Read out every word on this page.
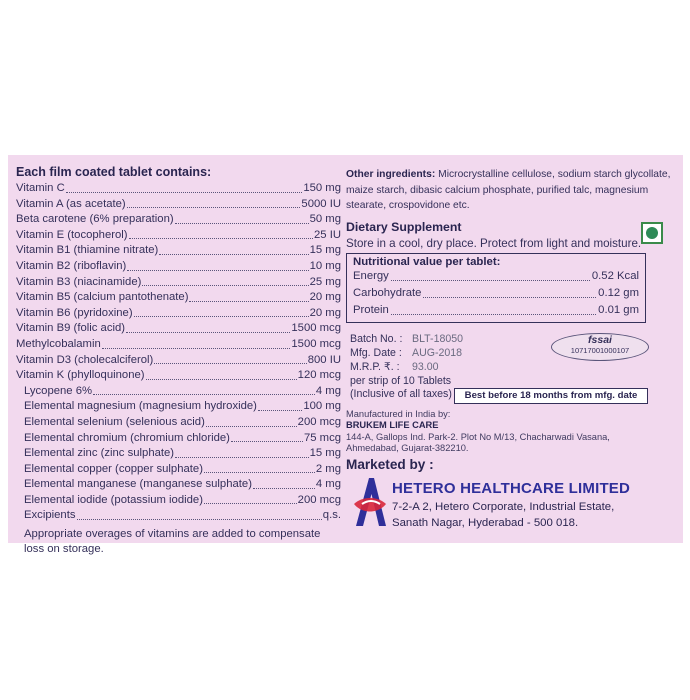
Each film coated tablet contains:
Vitamin C	150 mg
Vitamin A (as acetate)	5000 IU
Beta carotene (6% preparation)	50 mg
Vitamin E (tocopherol)	25 IU
Vitamin B1 (thiamine nitrate)	15 mg
Vitamin B2 (riboflavin)	10 mg
Vitamin B3 (niacinamide)	25 mg
Vitamin B5 (calcium pantothenate)	20 mg
Vitamin B6 (pyridoxine)	20 mg
Vitamin B9 (folic acid)	1500 mcg
Methylcobalamin	1500 mcg
Vitamin D3 (cholecalciferol)	800 IU
Vitamin K (phylloquinone)	120 mcg
Lycopene 6%	4 mg
Elemental magnesium (magnesium hydroxide)	100 mg
Elemental selenium (selenious acid)	200 mcg
Elemental chromium (chromium chloride)	75 mcg
Elemental zinc (zinc sulphate)	15 mg
Elemental copper (copper sulphate)	2 mg
Elemental manganese (manganese sulphate)	4 mg
Elemental iodide (potassium iodide)	200 mcg
Excipients	q.s.
Appropriate overages of vitamins are added to compensate loss on storage.
Other ingredients: Microcrystalline cellulose, sodium starch glycollate, maize starch, dibasic calcium phosphate, purified talc, magnesium stearate, crospovidone etc.
Dietary Supplement
Store in a cool, dry place. Protect from light and moisture.
Nutritional value per tablet:
Energy	0.52 Kcal
Carbohydrate	0.12 gm
Protein	0.01 gm
Batch No. : BLT-18050
Mfg. Date : AUG-2018
M.R.P. ₹. : 93.00
fssai
10717001000107
per strip of 10 Tablets
(Inclusive of all taxes)
Manufactured in India by:
BRUKEM LIFE CARE
144-A, Gallops Ind. Park-2. Plot No M/13, Chacharwadi Vasana,
Ahmedabad, Gujarat-382210.
Marketed by :
HETERO HEALTHCARE LIMITED
7-2-A 2, Hetero Corporate, Industrial Estate,
Sanath Nagar, Hyderabad - 500 018.
Best before 18 months from mfg. date
